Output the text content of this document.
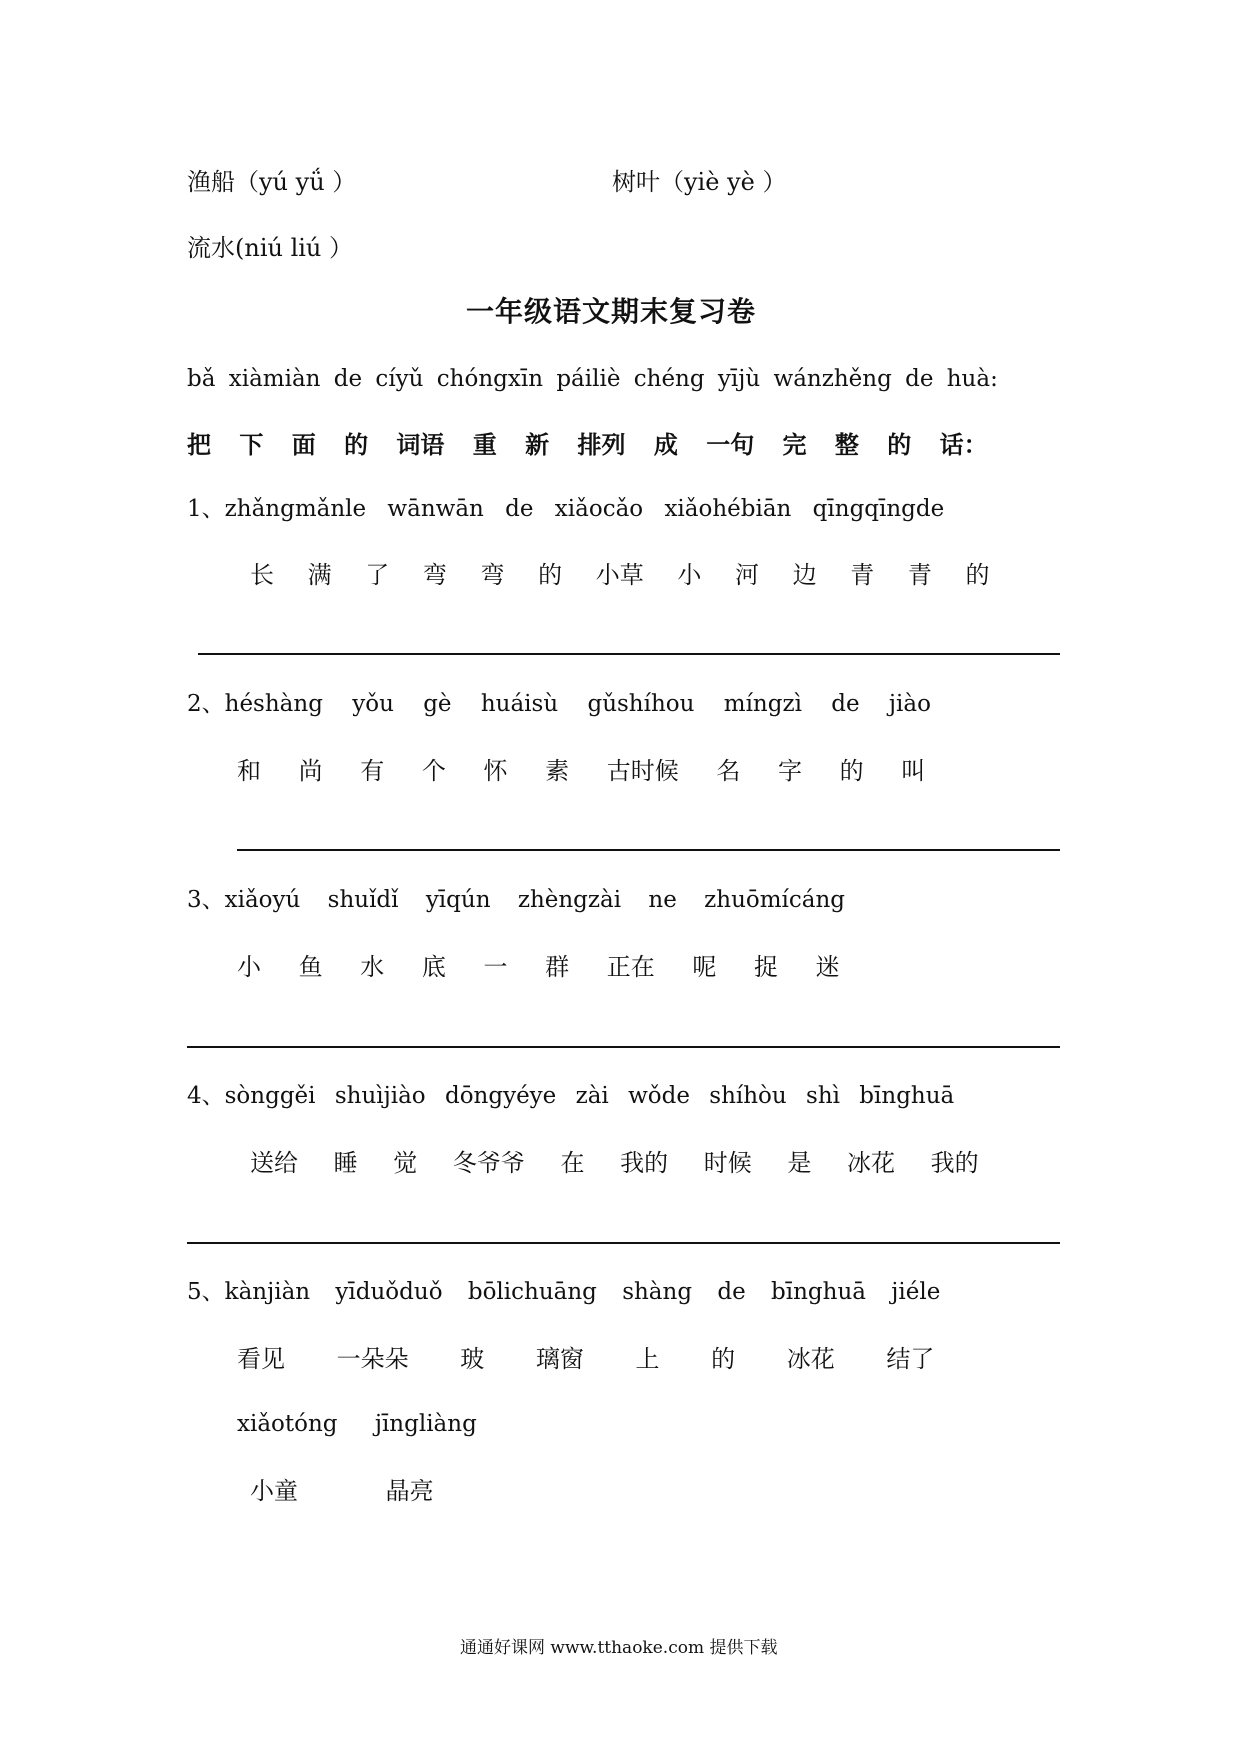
渔船（yú yǘ ）	树叶（yiè yè ）
流水(niú liú ）
一年级语文期末复习卷
bǎ xiàmiàn de cíyǔ chóngxīn páiliè chéng yījù wánzhěng de huà:
把 下 面 的 词语 重 新 排列 成 一句 完 整 的 话：
1、zhǎngmǎnle wānwān de xiǎocǎo xiǎohébiān qīngqīngde
长 满 了 弯 弯 的 小草 小 河 边 青 青 的
2、héshàng yǒu gè huáisù gǔshíhou míngzì de jiào
和 尚 有 个 怀 素 古时候 名 字 的 叫
3、xiǎoyú shuǐdǐ yīqún zhèngzài ne zhuōmícáng
小 鱼 水 底 一 群 正在 呢 捉 迷
4、sònggěi shuìjiào dōngyéye zài wǒde shíhòu shì bīnghuā
送给 睡 觉 冬爷爷 在 我的 时候 是 冰花 我的
5、kànjiàn yīduǒduǒ bōlichuāng shàng de bīnghuā jiéle
看见 一朵朵 玻 璃窗 上 的 冰花 结了
xiǎotóng jīngliàng
小童 晶亮
通通好课网 www.tthaoke.com 提供下载
